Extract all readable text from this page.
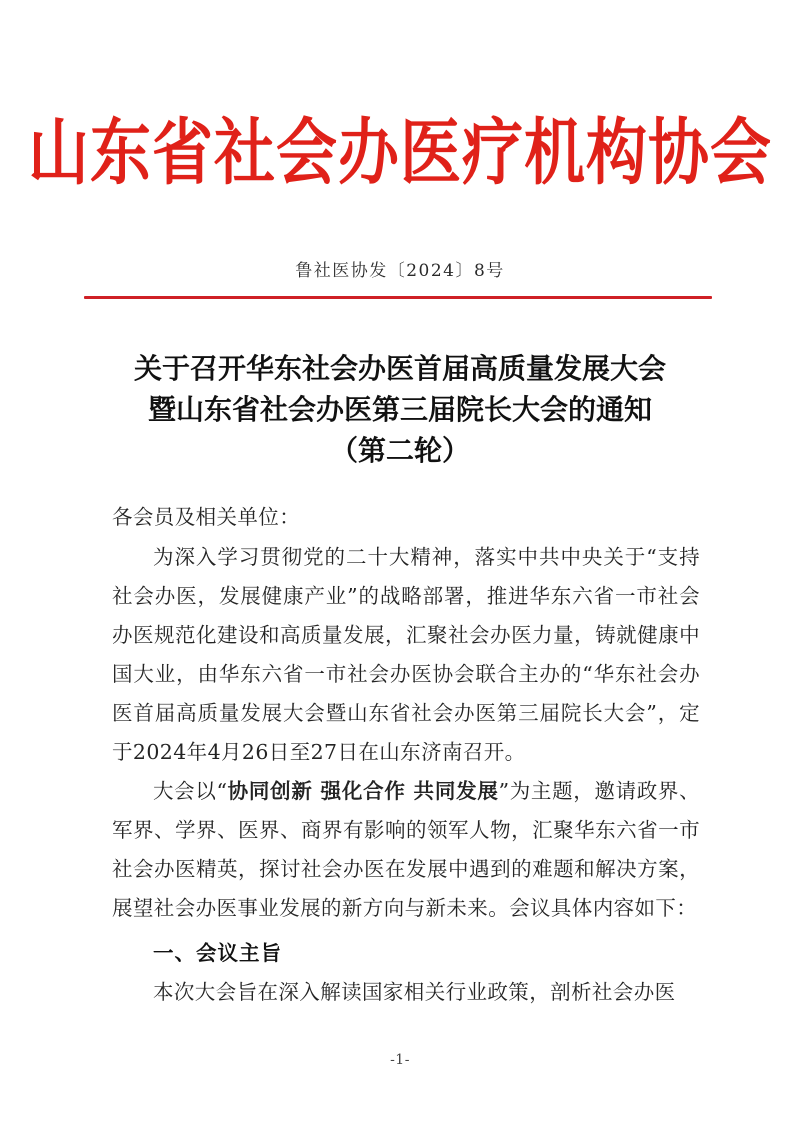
山东省社会办医疗机构协会
鲁社医协发〔2024〕8号
关于召开华东社会办医首届高质量发展大会
暨山东省社会办医第三届院长大会的通知
（第二轮）

各会员及相关单位：

为深入学习贯彻党的二十大精神，落实中共中央关于“支持社会办医，发展健康产业”的战略部署，推进华东六省一市社会办医规范化建设和高质量发展，汇聚社会办医力量，铸就健康中国大业，由华东六省一市社会办医协会联合主办的“华东社会办医首届高质量发展大会暨山东省社会办医第三届院长大会”，定于2024年4月26日至27日在山东济南召开。

大会以“协同创新 强化合作 共同发展”为主题，邀请政界、军界、学界、医界、商界有影响的领军人物，汇聚华东六省一市社会办医精英，探讨社会办医在发展中遇到的难题和解决方案，展望社会办医事业发展的新方向与新未来。会议具体内容如下：

一、会议主旨

本次大会旨在深入解读国家相关行业政策，剖析社会办医

-1-
